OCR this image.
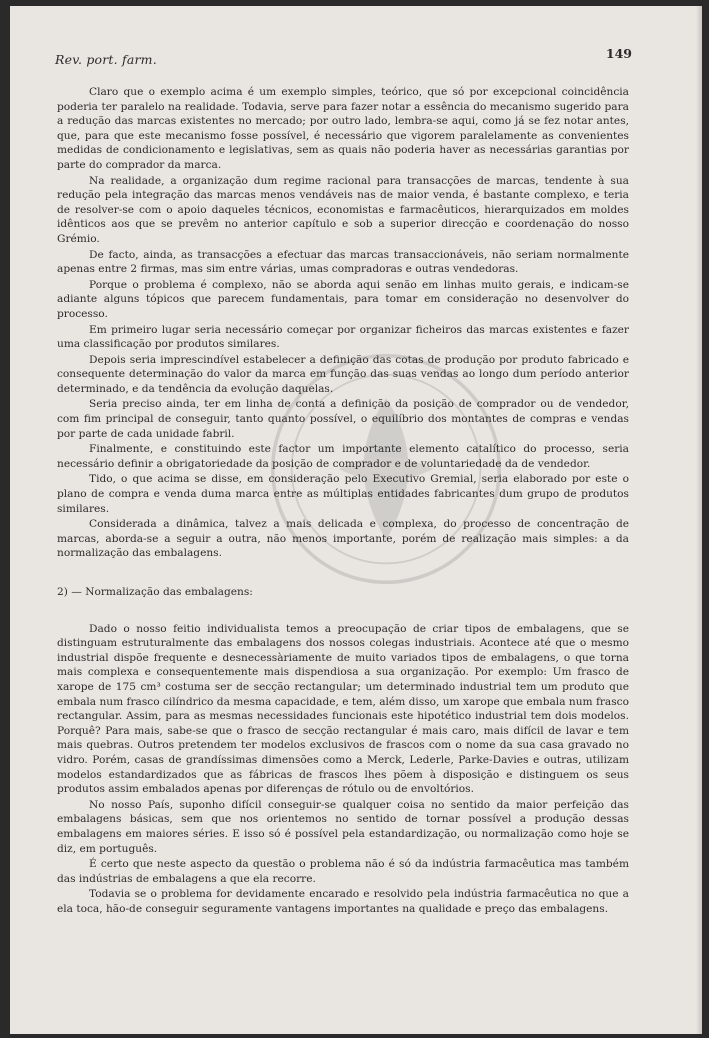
Rev. port. farm.	149

Claro que o exemplo acima é um exemplo simples, teórico, que só por excepcional coincidência poderia ter paralelo na realidade. Todavia, serve para fazer notar a essência do mecanismo sugerido para a redução das marcas existentes no mercado; por outro lado, lembra-se aqui, como já se fez notar antes, que, para que este mecanismo fosse possível, é necessário que vigorem paralelamente as convenientes medidas de condicionamento e legislativas, sem as quais não poderia haver as necessárias garantias por parte do comprador da marca.

Na realidade, a organização dum regime racional para transacções de marcas, tendente à sua redução pela integração das marcas menos vendáveis nas de maior venda, é bastante complexo, e teria de resolver-se com o apoio daqueles técnicos, economistas e farmacêuticos, hierarquizados em moldes idênticos aos que se prevêm no anterior capítulo e sob a superior direcção e coordenação do nosso Grémio.

De facto, ainda, as transacções a efectuar das marcas transaccionáveis, não seriam normalmente apenas entre 2 firmas, mas sim entre várias, umas compradoras e outras vendedoras.

Porque o problema é complexo, não se aborda aqui senão em linhas muito gerais, e indicam-se adiante alguns tópicos que parecem fundamentais, para tomar em consideração no desenvolver do processo.

Em primeiro lugar seria necessário começar por organizar ficheiros das marcas existentes e fazer uma classificação por produtos similares.

Depois seria imprescindível estabelecer a definição das cotas de produção por produto fabricado e consequente determinação do valor da marca em função das suas vendas ao longo dum período anterior determinado, e da tendência da evolução daquelas.

Seria preciso ainda, ter em linha de conta a definição da posição de comprador ou de vendedor, com fim principal de conseguir, tanto quanto possível, o equilíbrio dos montantes de compras e vendas por parte de cada unidade fabril.

Finalmente, e constituindo este factor um importante elemento catalítico do processo, seria necessário definir a obrigatoriedade da posição de comprador e de voluntariedade da de vendedor.

Tido, o que acima se disse, em consideração pelo Executivo Gremial, seria elaborado por este o plano de compra e venda duma marca entre as múltiplas entidades fabricantes dum grupo de produtos similares.

Considerada a dinâmica, talvez a mais delicada e complexa, do processo de concentração de marcas, aborda-se a seguir a outra, não menos importante, porém de realização mais simples: a da normalização das embalagens.

2) — Normalização das embalagens:

Dado o nosso feitio individualista temos a preocupação de criar tipos de embalagens, que se distinguam estruturalmente das embalagens dos nossos colegas industriais. Acontece até que o mesmo industrial dispõe frequente e desnecessàriamente de muito variados tipos de embalagens, o que torna mais complexa e consequentemente mais dispendiosa a sua organização. Por exemplo: Um frasco de xarope de 175 cm³ costuma ser de secção rectangular; um determinado industrial tem um produto que embala num frasco cilíndrico da mesma capacidade, e tem, além disso, um xarope que embala num frasco rectangular. Assim, para as mesmas necessidades funcionais este hipotético industrial tem dois modelos. Porquê? Para mais, sabe-se que o frasco de secção rectangular é mais caro, mais difícil de lavar e tem mais quebras. Outros pretendem ter modelos exclusivos de frascos com o nome da sua casa gravado no vidro. Porém, casas de grandíssimas dimensões como a Merck, Lederle, Parke-Davies e outras, utilizam modelos estandardizados que as fábricas de frascos lhes põem à disposição e distinguem os seus produtos assim embalados apenas por diferenças de rótulo ou de envoltórios.

No nosso País, suponho difícil conseguir-se qualquer coisa no sentido da maior perfeição das embalagens básicas, sem que nos orientemos no sentido de tornar possível a produção dessas embalagens em maiores séries. E isso só é possível pela estandardização, ou normalização como hoje se diz, em português.

É certo que neste aspecto da questão o problema não é só da indústria farmacêutica mas também das indústrias de embalagens a que ela recorre.

Todavia se o problema for devidamente encarado e resolvido pela indústria farmacêutica no que a ela toca, hão-de conseguir seguramente vantagens importantes na qualidade e preço das embalagens.
